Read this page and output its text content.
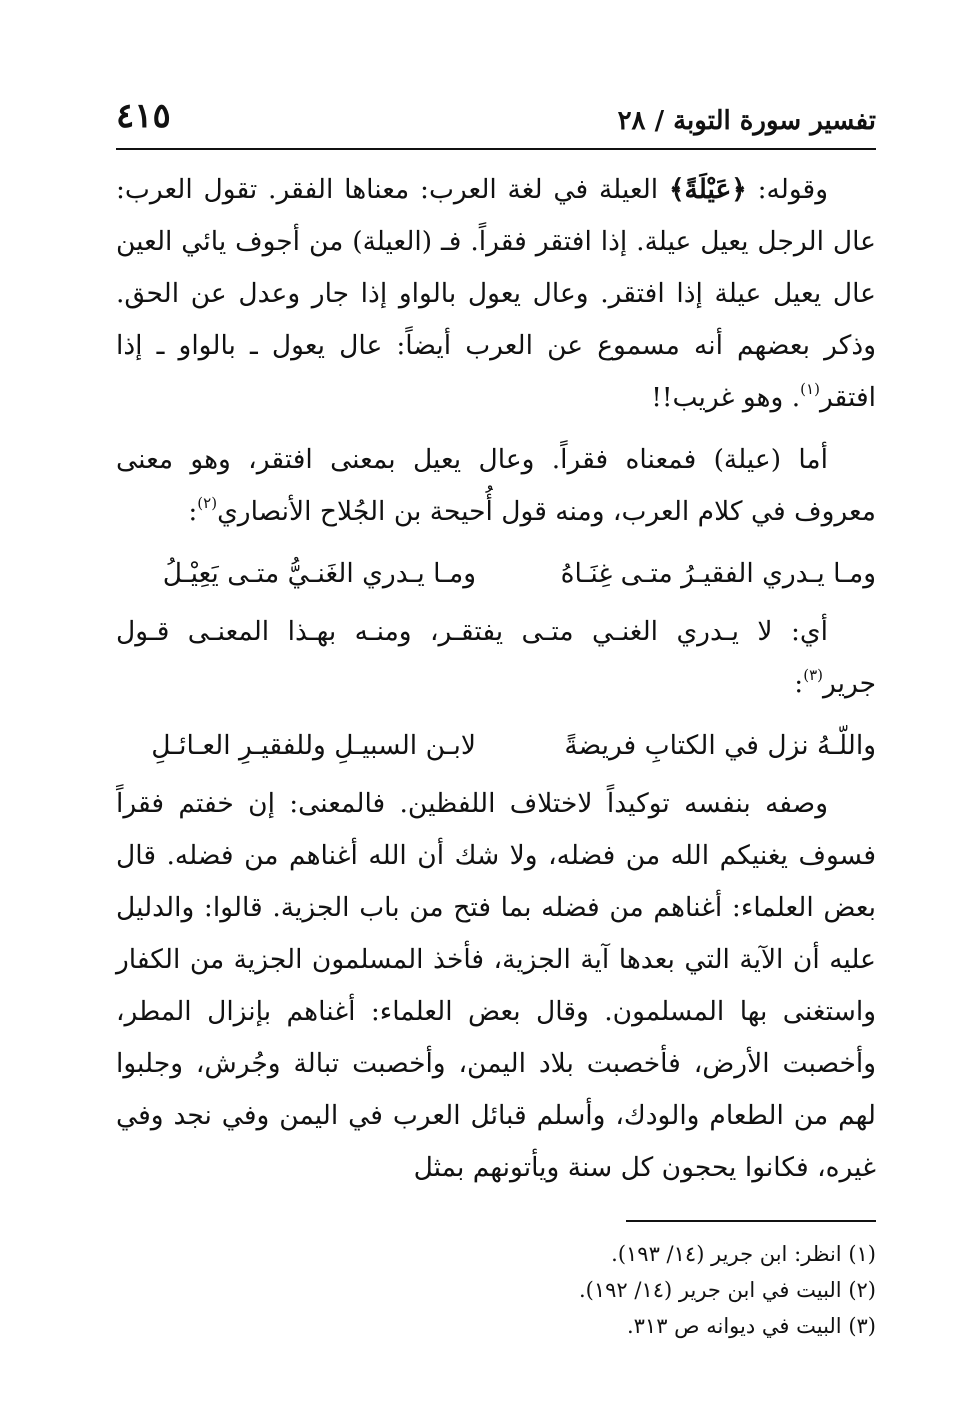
تفسير سورة التوبة / ٢٨
٤١٥

وقوله: ﴿عَيْلَةً﴾ العيلة في لغة العرب: معناها الفقر. تقول العرب: عال الرجل يعيل عيلة. إذا افتقر فقراً. فـ (العيلة) من أجوف يائي العين عال يعيل عيلة إذا افتقر. وعال يعول بالواو إذا جار وعدل عن الحق. وذكر بعضهم أنه مسموع عن العرب أيضاً: عال يعول ـ بالواو ـ إذا افتقر$^{(١)}$. وهو غريب!!

أما (عيلة) فمعناه فقراً. وعال يعيل بمعنى افتقر، وهو معنى معروف في كلام العرب، ومنه قول أُحيحة بن الجُلاح الأنصاري$^{(٢)}$:

ومـا يـدري الفقيـرُ متـى غِنَـاهُ
ومـا يـدري الغَنـيُّ متـى يَعِيْـلُ

أي: لا يـدري الغنـي متـى يفتقـر، ومنـه بهـذا المعنـى قـول جرير$^{(٣)}$:

واللّـهُ نزل في الكتابِ فريضةً
لابـن السبيـلِ وللفقيـرِ العـائـلِ

وصفه بنفسه توكيداً لاختلاف اللفظين. فالمعنى: إن خفتم فقراً فسوف يغنيكم الله من فضله، ولا شك أن الله أغناهم من فضله. قال بعض العلماء: أغناهم من فضله بما فتح من باب الجزية. قالوا: والدليل عليه أن الآية التي بعدها آية الجزية، فأخذ المسلمون الجزية من الكفار واستغنى بها المسلمون. وقال بعض العلماء: أغناهم بإنزال المطر، وأخصبت الأرض، فأخصبت بلاد اليمن، وأخصبت تبالة وجُرش، وجلبوا لهم من الطعام والودك، وأسلم قبائل العرب في اليمن وفي نجد وفي غيره، فكانوا يحجون كل سنة ويأتونهم بمثل

(١) انظر: ابن جرير (١٤/ ١٩٣).

(٢) البيت في ابن جرير (١٤/ ١٩٢).

(٣) البيت في ديوانه ص ٣١٣.
